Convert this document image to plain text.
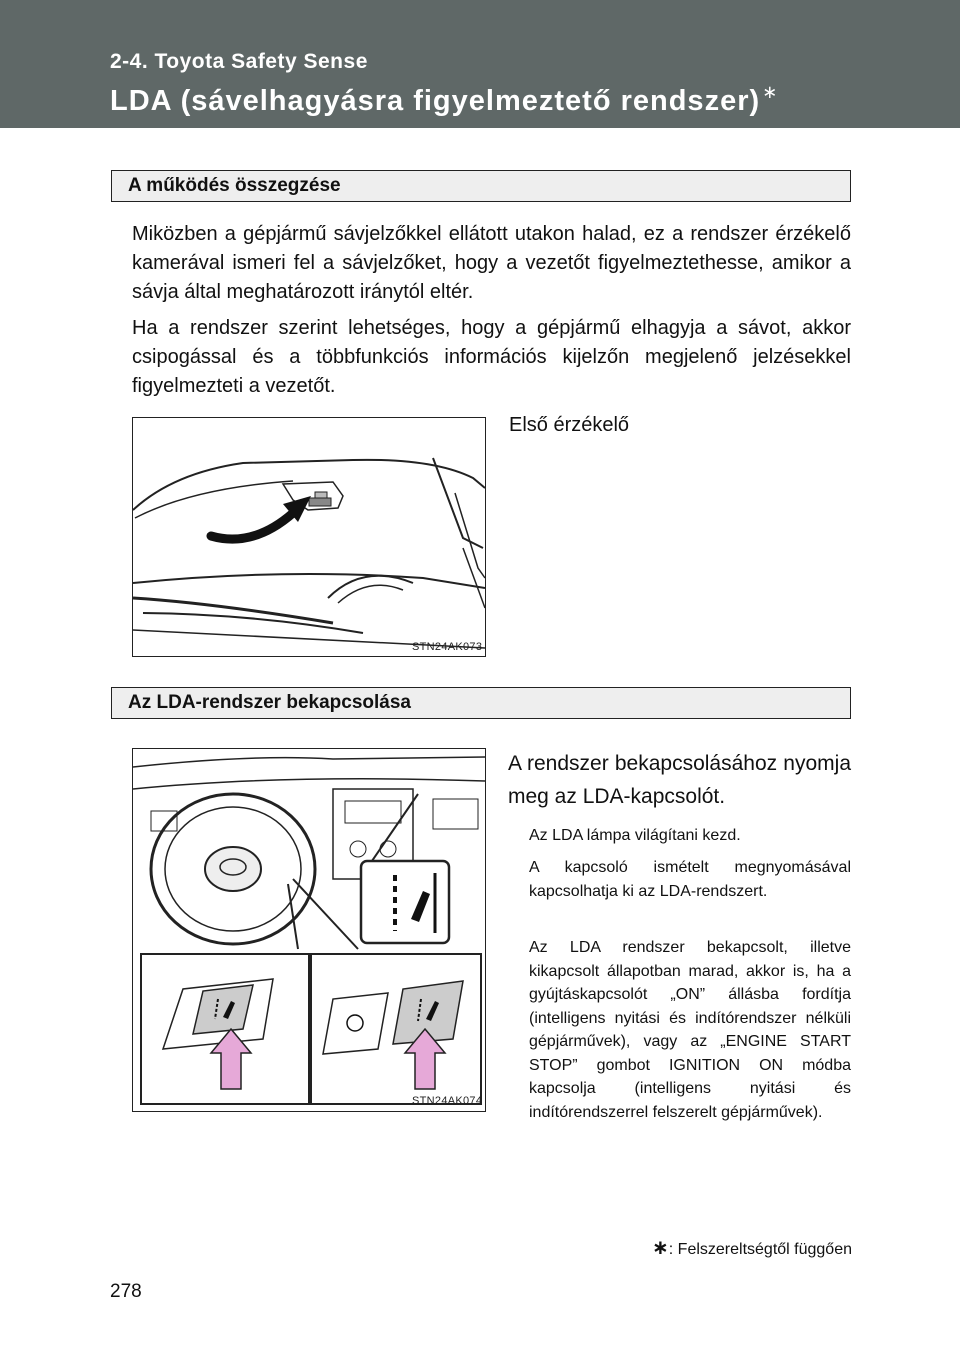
2-4. Toyota Safety Sense
LDA (sávelhagyásra figyelmeztető rendszer) ∗
A működés összegzése
Miközben a gépjármű sávjelzőkkel ellátott utakon halad, ez a rendszer érzékelő kamerával ismeri fel a sávjelzőket, hogy a vezetőt figyelmeztethesse, amikor a sávja által meghatározott iránytól eltér.
Ha a rendszer szerint lehetséges, hogy a gépjármű elhagyja a sávot, akkor csipogással és a többfunkciós információs kijelzőn megjelenő jelzésekkel figyelmezteti a vezetőt.
STN24AK073
Első érzékelő
Az LDA-rendszer bekapcsolása
A rendszer bekapcsolásához nyomja meg az LDA-kapcsolót.
STN24AK074
Az LDA lámpa világítani kezd.
A kapcsoló ismételt megnyomásával kapcsolhatja ki az LDA-rendszert.
Az LDA rendszer bekapcsolt, illetve kikapcsolt állapotban marad, akkor is, ha a gyújtáskapcsolót „ON” állásba fordítja (intelligens nyitási és indítórendszer nélküli gépjárművek), vagy az „ENGINE START STOP” gombot IGNITION ON módba kapcsolja (intelligens nyitási és indítórendszerrel felszerelt gépjárművek).
∗: Felszereltségtől függően
278
